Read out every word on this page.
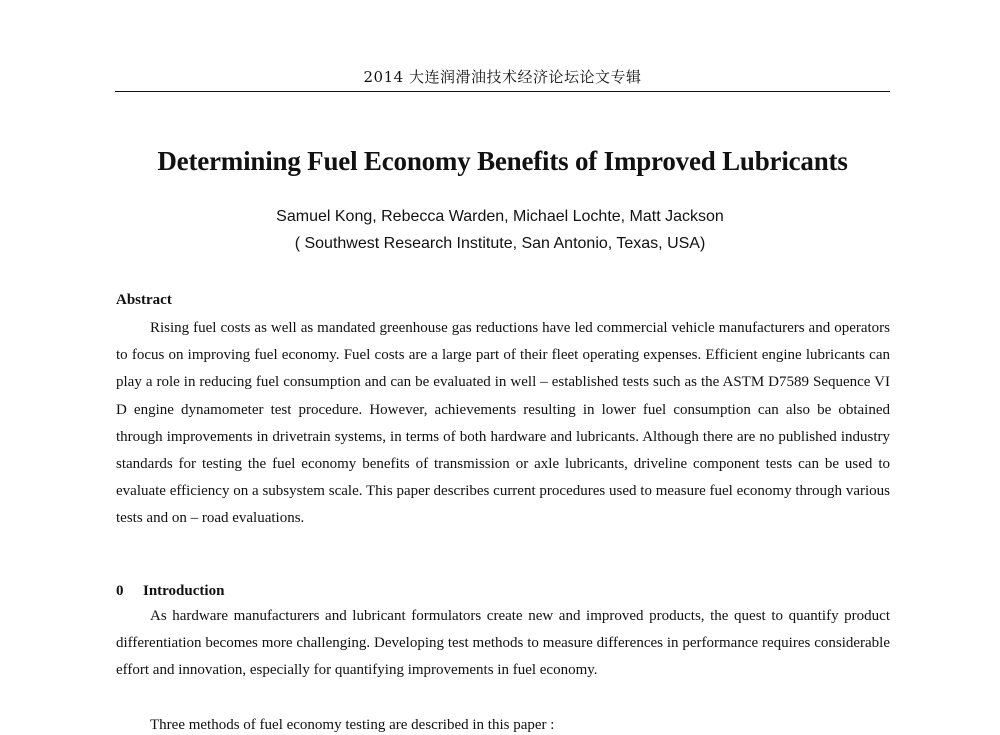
2014 大连润滑油技术经济论坛论文专辑
Determining Fuel Economy Benefits of Improved Lubricants
Samuel Kong, Rebecca Warden, Michael Lochte, Matt Jackson
( Southwest Research Institute, San Antonio, Texas, USA)
Abstract
Rising fuel costs as well as mandated greenhouse gas reductions have led commercial vehicle manufacturers and operators to focus on improving fuel economy. Fuel costs are a large part of their fleet operating expenses. Efficient engine lubricants can play a role in reducing fuel consumption and can be evaluated in well – established tests such as the ASTM D7589 Sequence VI D engine dynamometer test procedure. However, achievements resulting in lower fuel consumption can also be obtained through improvements in drivetrain systems, in terms of both hardware and lubricants. Although there are no published industry standards for testing the fuel economy benefits of transmission or axle lubricants, driveline component tests can be used to evaluate efficiency on a subsystem scale. This paper describes current procedures used to measure fuel economy through various tests and on – road evaluations.
0 Introduction
As hardware manufacturers and lubricant formulators create new and improved products, the quest to quantify product differentiation becomes more challenging. Developing test methods to measure differences in performance requires considerable effort and innovation, especially for quantifying improvements in fuel economy.
Three methods of fuel economy testing are described in this paper :
